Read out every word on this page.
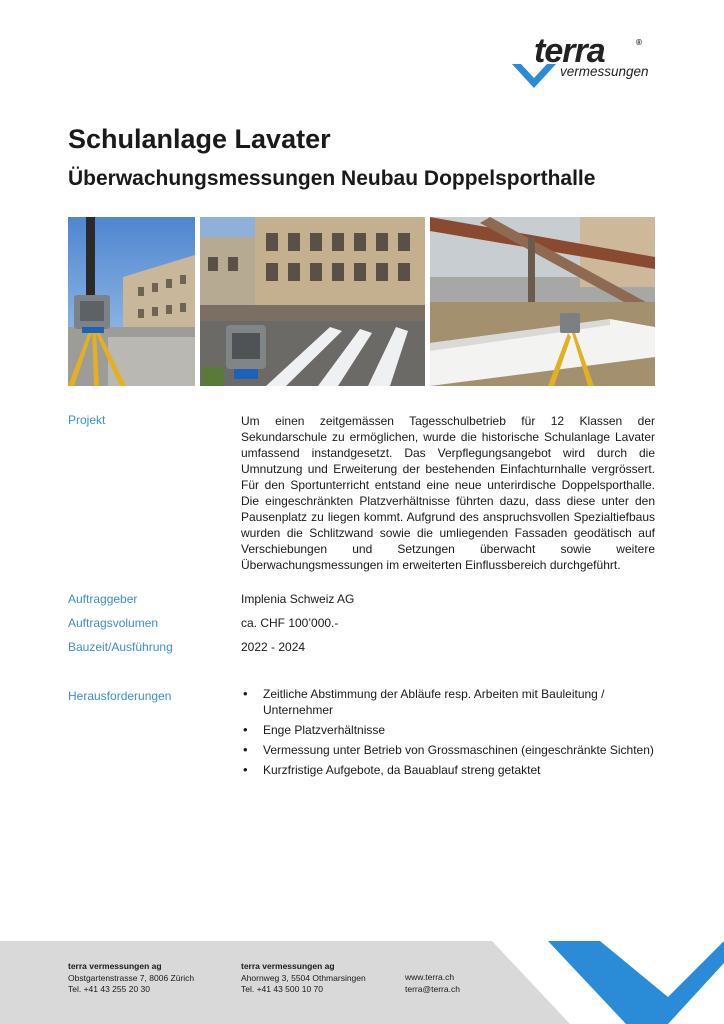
terra	®
vermessungen
Schulanlage Lavater
Überwachungsmessungen Neubau Doppelsporthalle
Projekt	Um einen zeitgemässen Tagesschulbetrieb für 12 Klassen der Sekundarschule zu ermöglichen, wurde die historische Schulanlage Lavater umfassend instandgesetzt. Das Verpflegungsangebot wird durch die Umnutzung und Erweiterung der bestehenden Einfachturnhalle vergrössert. Für den Sportunterricht entstand eine neue unterirdische Doppelsporthalle. Die eingeschränkten Platzverhältnisse führten dazu, dass diese unter den Pausenplatz zu liegen kommt. Aufgrund des anspruchsvollen Spezialtiefbaus wurden die Schlitzwand sowie die umliegenden Fassaden geodätisch auf Verschiebungen und Setzungen überwacht sowie weitere Überwachungsmessungen im erweiterten Einflussbereich durchgeführt.

Auftraggeber	Implenia Schweiz AG
Auftragsvolumen	ca. CHF 100’000.-
Bauzeit/Ausführung	2022 - 2024
Herausforderungen
•	Zeitliche Abstimmung der Abläufe resp. Arbeiten mit Bauleitung / Unternehmer
• Enge Platzverhältnisse
• Vermessung unter Betrieb von Grossmaschinen (eingeschränkte Sichten)
• Kurzfristige Aufgebote, da Bauablauf streng getaktet
terra vermessungen ag
Obstgartenstrasse 7, 8006 Zürich
Tel. +41 43 255 20 30
terra vermessungen ag
Ahornweg 3, 5504 Othmarsingen
Tel. +41 43 500 10 70
www.terra.ch
terra@terra.ch
